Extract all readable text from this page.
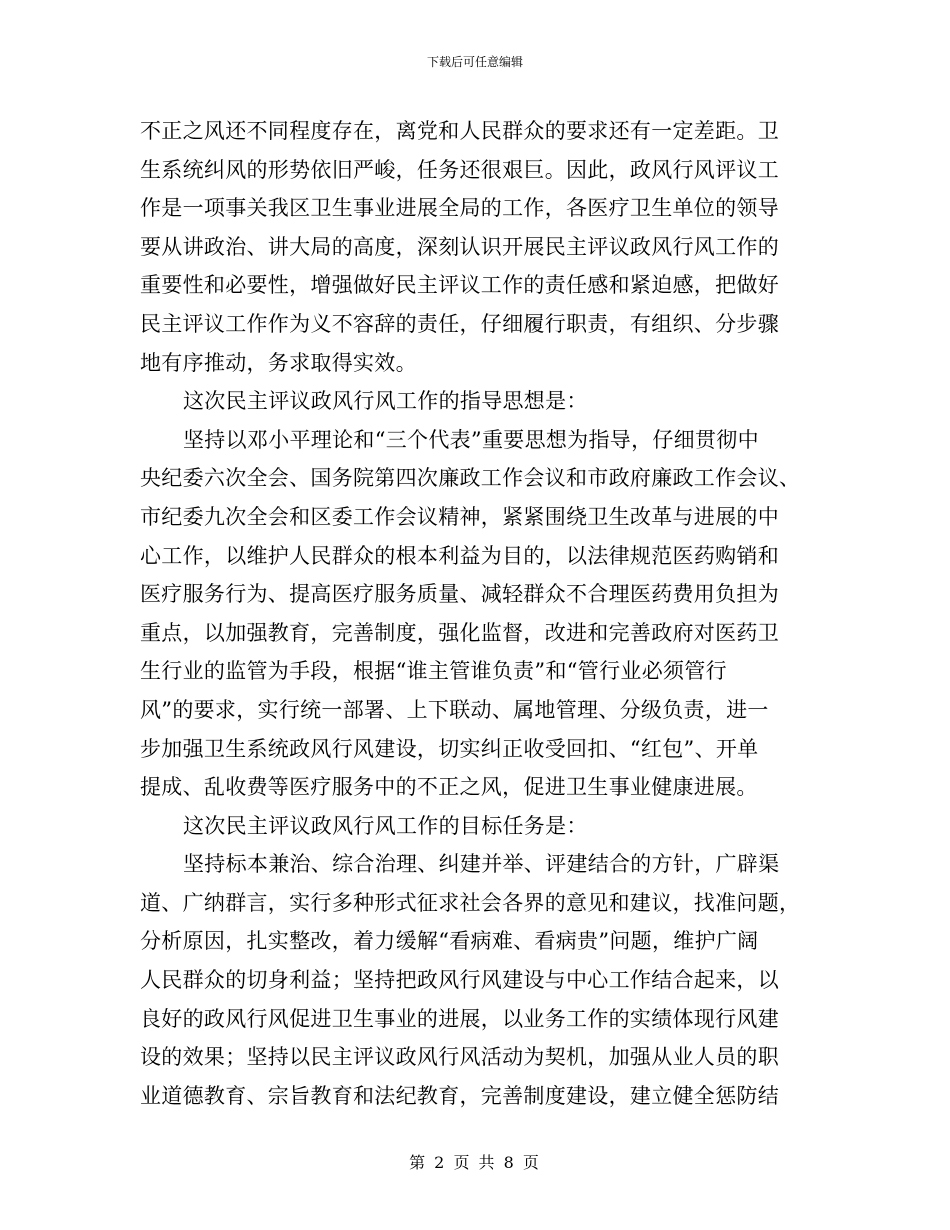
下载后可任意编辑
不正之风还不同程度存在，离党和人民群众的要求还有一定差距。卫
生系统纠风的形势依旧严峻，任务还很艰巨。因此，政风行风评议工
作是一项事关我区卫生事业进展全局的工作，各医疗卫生单位的领导
要从讲政治、讲大局的高度，深刻认识开展民主评议政风行风工作的
重要性和必要性，增强做好民主评议工作的责任感和紧迫感，把做好
民主评议工作作为义不容辞的责任，仔细履行职责，有组织、分步骤
地有序推动，务求取得实效。
这次民主评议政风行风工作的指导思想是：
坚持以邓小平理论和“三个代表”重要思想为指导，仔细贯彻中
央纪委六次全会、国务院第四次廉政工作会议和市政府廉政工作会议、
市纪委九次全会和区委工作会议精神，紧紧围绕卫生改革与进展的中
心工作，以维护人民群众的根本利益为目的，以法律规范医药购销和
医疗服务行为、提高医疗服务质量、减轻群众不合理医药费用负担为
重点，以加强教育，完善制度，强化监督，改进和完善政府对医药卫
生行业的监管为手段，根据“谁主管谁负责”和“管行业必须管行
风”的要求，实行统一部署、上下联动、属地管理、分级负责，进一
步加强卫生系统政风行风建设，切实纠正收受回扣、“红包”、开单
提成、乱收费等医疗服务中的不正之风，促进卫生事业健康进展。
这次民主评议政风行风工作的目标任务是：
坚持标本兼治、综合治理、纠建并举、评建结合的方针，广辟渠
道、广纳群言，实行多种形式征求社会各界的意见和建议，找准问题，
分析原因，扎实整改，着力缓解“看病难、看病贵”问题，维护广阔
人民群众的切身利益；坚持把政风行风建设与中心工作结合起来，以
良好的政风行风促进卫生事业的进展，以业务工作的实绩体现行风建
设的效果；坚持以民主评议政风行风活动为契机，加强从业人员的职
业道德教育、宗旨教育和法纪教育，完善制度建设，建立健全惩防结
第 2 页 共 8 页
